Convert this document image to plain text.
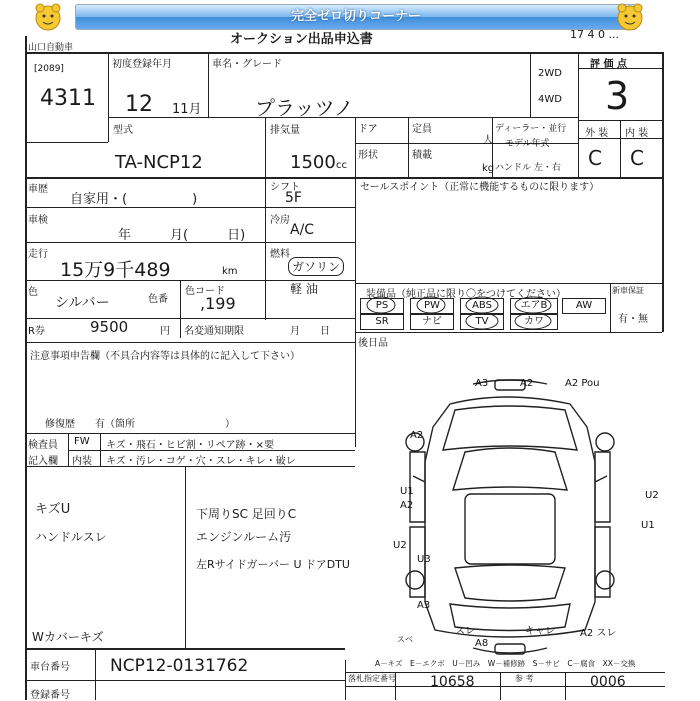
完全ゼロ切りコーナー
オークション出品申込書	17 4 0 ...
山口自動車
[2089]
4311
初度登録年月
12 11月
車名・グレード
プラッツノ
2WD
4WD
評 価 点
3
型式
TA-NCP12
排気量
1500 cc
ドア	定員
人
形状	積載
kg
ディーラー・並行
モデル年式
ハンドル 左・右
外 装 内 装
C C
車歴
自家用・(　　　　　)
シフト
5F
車検
年　　　月(　　　日)
冷房
A/C
走行
15万9千489	km
燃料
ガソリン
軽 油
色
シルバー	色番
色コード
,199
R券	9500	円 名変通知期限	月　　日
セールスポイント（正常に機能するものに限ります）
装備品（純正品に限り〇をつけてください）	新車保証
有・無
PS	PW	ABS	エアB	AW
SR	ナビ	TV	カワ
後日品
注意事項申告欄（不具合内容等は具体的に記入して下さい）
修復歴　　有（箇所　　　　　　　　　）
検査員
記入欄
FW キズ・飛石・ヒビ割・リペア跡・×要
内装 キズ・汚レ・コゲ・穴・スレ・キレ・破レ
キズU
ハンドルスレ
下周りSC 足回りC
エンジンルーム汚
左Rサイドガーバー U ドアDTU
Wカバーキズ
車台番号 NCP12-0131762
登録番号
落札指定番号 10658	参 考	0006
A3	A2	A2 Pou
A2
U1
A2
U2
U3
A3
スレ
A8
キャレ	A2 スレ
U2
U1
スベ
A－キズ　E－エクボ　U－凹み　W－補修跡　S－サビ　C－腐食　XX－交換
